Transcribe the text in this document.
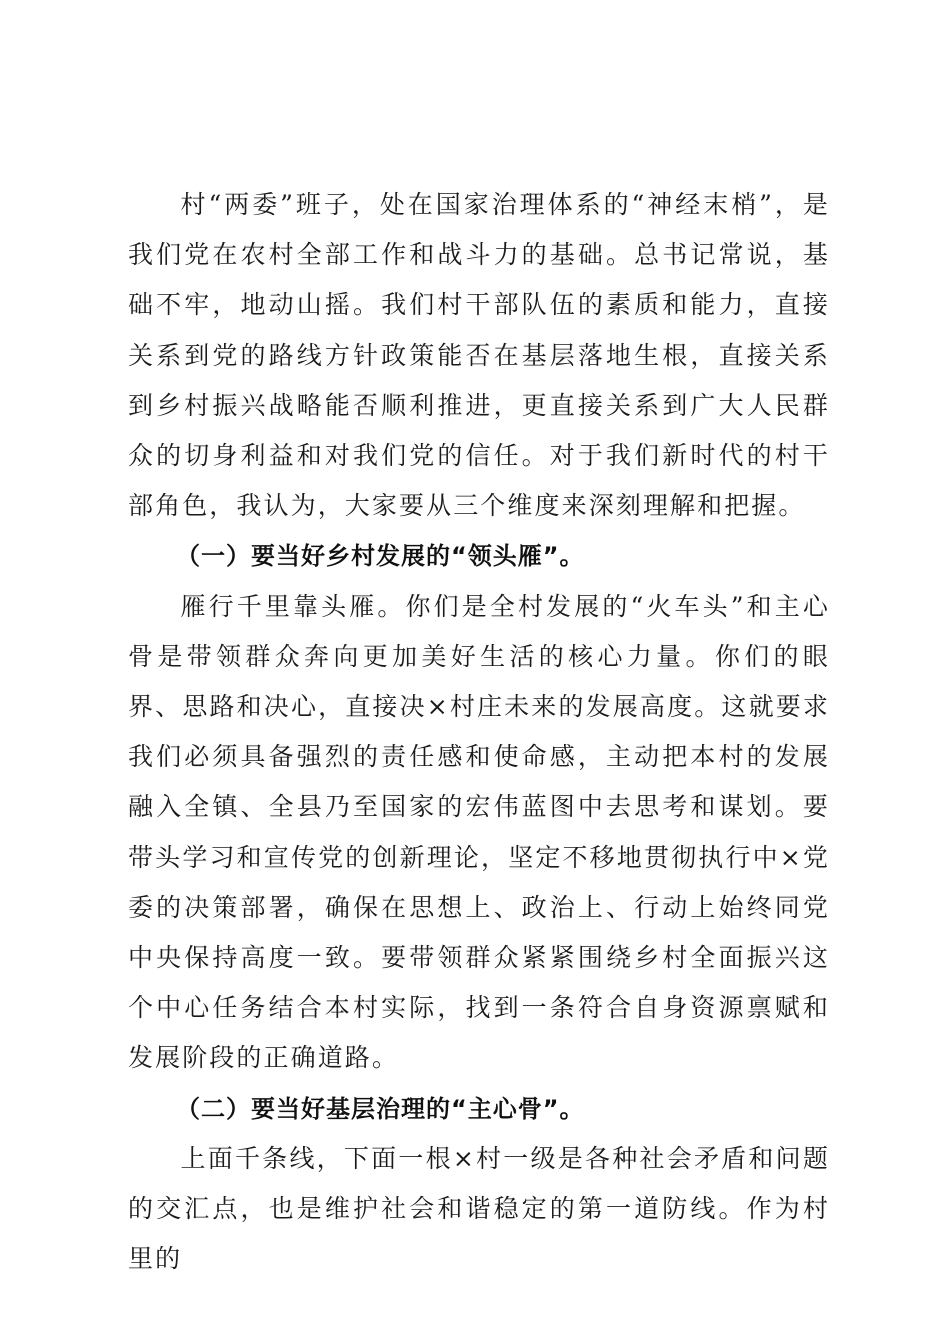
村“两委”班子，处在国家治理体系的“神经末梢”，是我们党在农村全部工作和战斗力的基础。总书记常说，基础不牢，地动山摇。我们村干部队伍的素质和能力，直接关系到党的路线方针政策能否在基层落地生根，直接关系到乡村振兴战略能否顺利推进，更直接关系到广大人民群众的切身利益和对我们党的信任。对于我们新时代的村干部角色，我认为，大家要从三个维度来深刻理解和把握。

（一）要当好乡村发展的“领头雁”。

雁行千里靠头雁。你们是全村发展的“火车头”和主心骨是带领群众奔向更加美好生活的核心力量。你们的眼界、思路和决心，直接决×村庄未来的发展高度。这就要求我们必须具备强烈的责任感和使命感，主动把本村的发展融入全镇、全县乃至国家的宏伟蓝图中去思考和谋划。要带头学习和宣传党的创新理论，坚定不移地贯彻执行中×党委的决策部署，确保在思想上、政治上、行动上始终同党中央保持高度一致。要带领群众紧紧围绕乡村全面振兴这个中心任务结合本村实际，找到一条符合自身资源禀赋和发展阶段的正确道路。

（二）要当好基层治理的“主心骨”。

上面千条线，下面一根×村一级是各种社会矛盾和问题的交汇点，也是维护社会和谐稳定的第一道防线。作为村里的
